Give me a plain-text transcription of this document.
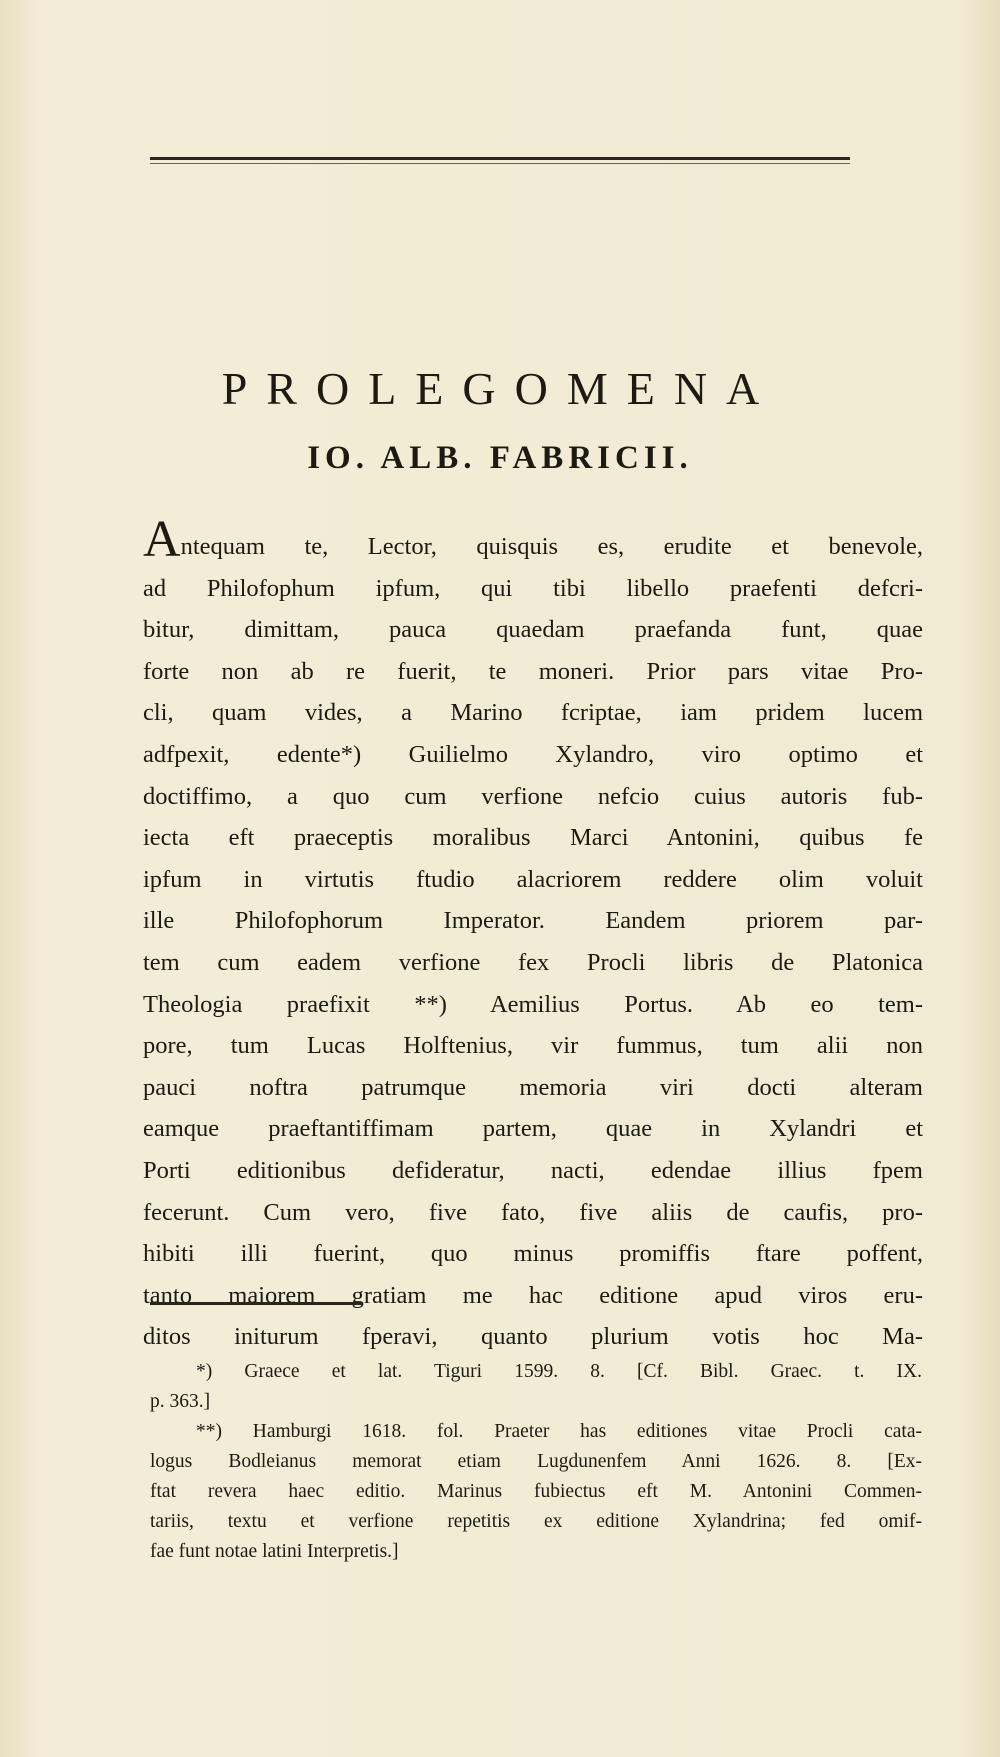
PROLEGOMENA
IO. ALB. FABRICII.
Antequam te, Lector, quisquis es, erudite et benevole,
ad Philofophum ipfum, qui tibi libello praefenti defcri-
bitur, dimittam, pauca quaedam praefanda funt, quae
forte non ab re fuerit, te moneri. Prior pars vitae Pro-
cli, quam vides, a Marino fcriptae, iam pridem lucem
adfpexit, edente*) Guilielmo Xylandro, viro optimo et
doctiffimo, a quo cum verfione nefcio cuius autoris fub-
iecta eft praeceptis moralibus Marci Antonini, quibus fe
ipfum in virtutis ftudio alacriorem reddere olim voluit
ille Philofophorum Imperator. Eandem priorem par-
tem cum eadem verfione fex Procli libris de Platonica
Theologia praefixit **) Aemilius Portus. Ab eo tem-
pore, tum Lucas Holftenius, vir fummus, tum alii non
pauci noftra patrumque memoria viri docti alteram
eamque praeftantiffimam partem, quae in Xylandri et
Porti editionibus defideratur, nacti, edendae illius fpem
fecerunt. Cum vero, five fato, five aliis de caufis, pro-
hibiti illi fuerint, quo minus promiffis ftare poffent,
tanto maiorem gratiam me hac editione apud viros eru-
ditos initurum fperavi, quanto plurium votis hoc Ma-
*) Graece et lat. Tiguri 1599. 8. [Cf. Bibl. Graec. t. IX.
p. 363.]
**) Hamburgi 1618. fol. Praeter has editiones vitae Procli cata-
logus Bodleianus memorat etiam Lugdunenfem Anni 1626. 8. [Ex-
ftat revera haec editio. Marinus fubiectus eft M. Antonini Commen-
tariis, textu et verfione repetitis ex editione Xylandrina; fed omif-
fae funt notae latini Interpretis.]
